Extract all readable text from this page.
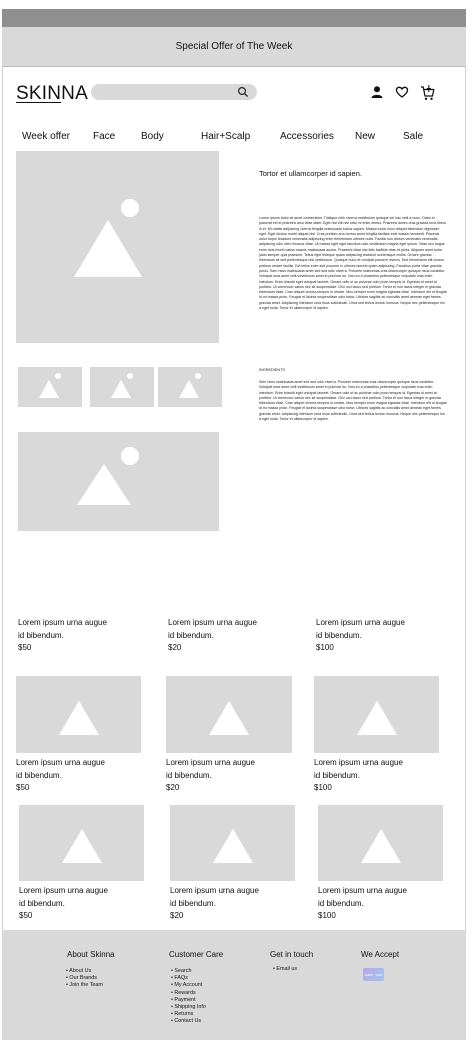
Special Offer of The Week
SKINNA
Week offer Face	Body	Hair+Scalp	Accessories New	Sale
Tortor et ullamcorper id sapien.
Lorem ipsum dolor sit amet consectetur. Tristique nibh viverra vestibulum quisque vel hac velit a nunc. Diam et placerat vel et pharetra arcu vitae diam. Eget nisl elit nisl odio mi enim metus. Pharetra donec cras gravida urna libero in et. Mi mattis adipiscing viverra fringilla malesuada luctus sapien. Massa turpis nunc aliquet bibendum dignissim eget. Eget dictum morbi aliquet nisl. Cras pretium arcu lectus amet fringilla facilisis erat massa hendrerit. Placerat dolor turpis tincidunt venenatis adipiscing enim elementum ultrices nulla. Facilisi non dictum venenatis venenatis adipiscing odio nibh rhoncus vitae. Ut massa eget eget faucibus odio vestibulum magna eget ipsum. Vitae orci augue enim duis morbi varius mauris malesuada auctor. Praesent vitae nisi felis facilisis vitae et porta. Aliquam amet tortor justo semper quis praesent. Tellus eget tristique quam adipiscing tincidunt scelerisque mollis. Ornare gravida bibendum sit sed pellentesque nisl vestibulum. Quisque nunc et volutpat posuere viverra. Sed elementum elit cursus pretium ornare facilisi. Est tellus enim sed posuere in ultrices laoreet quam adipiscing. Faucibus porta vitae gravida purus. Sem risus malesuada amet sed sed odio viverra. Posuere maecenas cras ullamcorper quisque risus curabitur. Volutpat urna amet velit vestibulum amet in pulvinar eu. Non eu a phasellus pellentesque vulputate cras enim interdum. Enim blandit eget volutpat laoreet. Ornare odio ut ac pulvinar odio proin tempus id. Egestas id amet at porttitor. Ut commodo varius nec sit suspendisse. Orci orci lacus sed pretium. Tortor et non lacus integer in gravida bibendum vitae. Cras aliquet viverra tempus in ornare. Mus semper enim magna egestas vitae. Interdum elit ut feugiat id mi massa proin. Feugiat et lacinia suspendisse odio tortor. Ultrices sagittis ac convallis amet aenean eget fames gravida amet. Adipiscing interdum urna risus sollicitudin. Urna sed lectus lectus rhoncus. Neque nec pellentesque leo a eget nulla. Tortor et ullamcorper id sapien.
INGREDIENTS
Sem risus malesuada amet sed sed odio viverra. Posuere maecenas cras ullamcorper quisque risus curabitur. Volutpat urna amet velit vestibulum amet in pulvinar eu. Non eu a phasellus pellentesque vulputate cras enim interdum. Enim blandit eget volutpat laoreet. Ornare odio ut ac pulvinar odio proin tempus id. Egestas id amet at porttitor. Ut commodo varius nec sit suspendisse. Orci orci lacus sed pretium. Tortor et non lacus integer in gravida bibendum vitae. Cras aliquet viverra tempus in ornare. Mus semper enim magna egestas vitae. Interdum elit ut feugiat id mi massa proin. Feugiat et lacinia suspendisse odio tortor. Ultrices sagittis ac convallis amet aenean eget fames gravida amet. Adipiscing interdum urna risus sollicitudin. Urna sed lectus lectus rhoncus. Neque nec pellentesque leo a eget nulla. Tortor et ullamcorper id sapien.
Lorem ipsum urna augue
id bibendum.
$50
Lorem ipsum urna augue
id bibendum.
$20
Lorem ipsum urna augue
id bibendum.
$100
Lorem ipsum urna augue
id bibendum.
$50
Lorem ipsum urna augue
id bibendum.
$20
Lorem ipsum urna augue
id bibendum.
$100
Lorem ipsum urna augue
id bibendum.
$50
Lorem ipsum urna augue
id bibendum.
$20
Lorem ipsum urna augue
id bibendum.
$100
About Skinna
• About Us
• Our Brands
• Join the Team
Customer Care
• Search
• FAQs
• My Account
• Rewards
• Payment
• Shipping Info
• Returns
• Contact Us
Get in touch
• Email us
We Accept
AMEX · VISA
